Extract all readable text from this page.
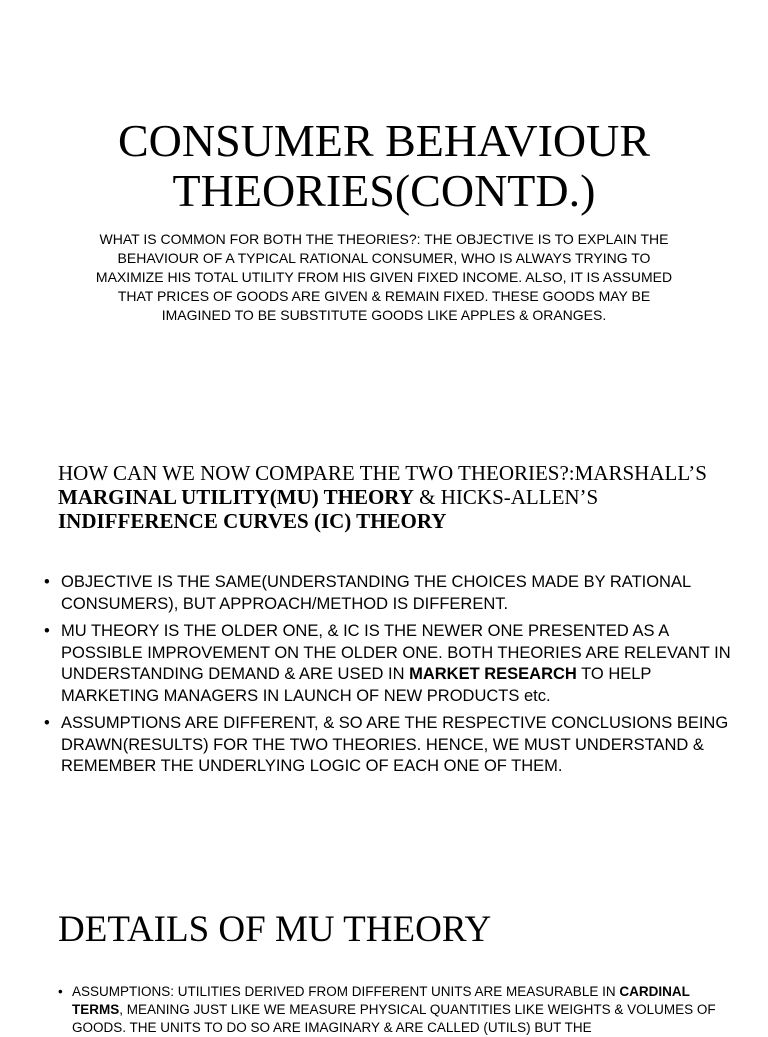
CONSUMER BEHAVIOUR
THEORIES(CONTD.)

WHAT IS COMMON FOR BOTH THE THEORIES?: THE OBJECTIVE IS TO EXPLAIN THE BEHAVIOUR OF A TYPICAL RATIONAL CONSUMER, WHO IS ALWAYS TRYING TO MAXIMIZE HIS TOTAL UTILITY FROM HIS GIVEN FIXED INCOME. ALSO, IT IS ASSUMED THAT PRICES OF GOODS ARE GIVEN & REMAIN FIXED. THESE GOODS MAY BE IMAGINED TO BE SUBSTITUTE GOODS LIKE APPLES & ORANGES.

HOW CAN WE NOW COMPARE THE TWO THEORIES?:MARSHALL’S MARGINAL UTILITY(MU) THEORY & HICKS-ALLEN’S INDIFFERENCE CURVES (IC) THEORY
• OBJECTIVE IS THE SAME(UNDERSTANDING THE CHOICES MADE BY RATIONAL CONSUMERS), BUT APPROACH/METHOD IS DIFFERENT.
• MU THEORY IS THE OLDER ONE, & IC IS THE NEWER ONE PRESENTED AS A POSSIBLE IMPROVEMENT ON THE OLDER ONE. BOTH THEORIES ARE RELEVANT IN UNDERSTANDING DEMAND & ARE USED IN MARKET RESEARCH TO HELP MARKETING MANAGERS IN LAUNCH OF NEW PRODUCTS etc.
• ASSUMPTIONS ARE DIFFERENT, & SO ARE THE RESPECTIVE CONCLUSIONS BEING DRAWN(RESULTS) FOR THE TWO THEORIES. HENCE, WE MUST UNDERSTAND & REMEMBER THE UNDERLYING LOGIC OF EACH ONE OF THEM.
DETAILS OF MU THEORY
• ASSUMPTIONS: UTILITIES DERIVED FROM DIFFERENT UNITS ARE MEASURABLE IN CARDINAL TERMS, MEANING JUST LIKE WE MEASURE PHYSICAL QUANTITIES LIKE WEIGHTS & VOLUMES OF GOODS. THE UNITS TO DO SO ARE IMAGINARY & ARE CALLED (UTILS) BUT THE
